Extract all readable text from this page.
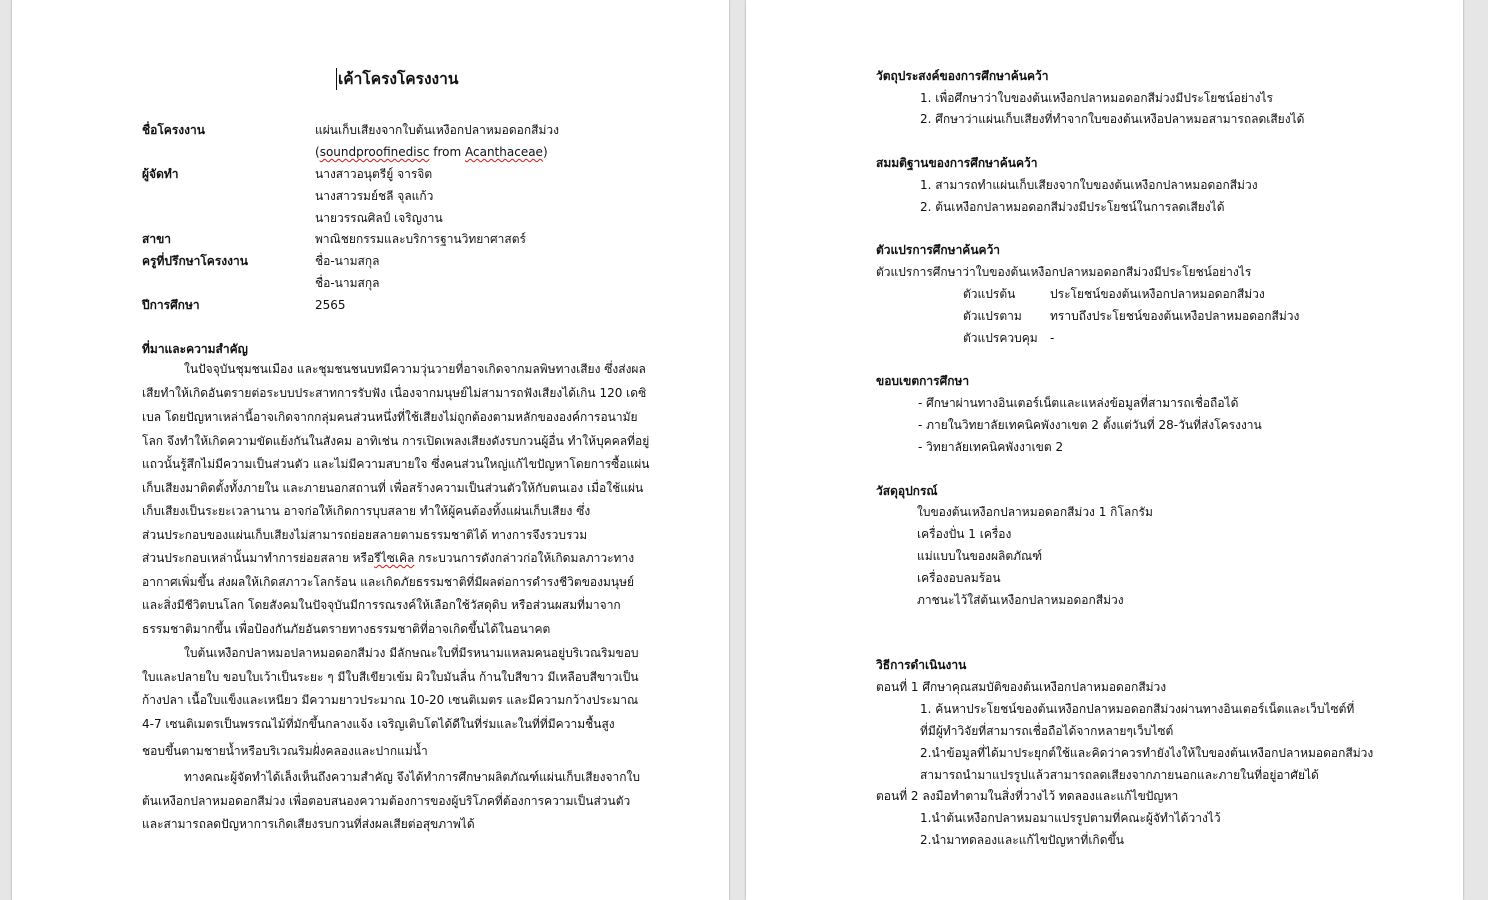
เค้าโครงโครงงาน
ชื่อโครงงาน	แผ่นเก็บเสียงจากใบต้นเหงือกปลาหมอดอกสีม่วง
(soundproofinedisc from Acanthaceae)
ผู้จัดทำ	นางสาวอนุตรีย์ู จารจิต
นางสาวรมย์ชลี จุลแก้ว
นายวรรณศิลป์ เจริญงาน
สาขา	พาณิชยกรรมและบริการฐานวิทยาศาสตร์
ครูที่ปรึกษาโครงงาน	ชื่อ-นามสกุล
ชื่อ-นามสกุล
ปีการศึกษา	2565
ที่มาและความสำคัญ
ในปัจจุบันชุมชนเมือง และชุมชนชนบทมีความวุ่นวายที่อาจเกิดจากมลพิษทางเสียง ซึ่งส่งผล
เสียทำให้เกิดอันตรายต่อระบบประสาทการรับฟัง เนื่องจากมนุษย์ไม่สามารถฟังเสียงได้เกิน 120 เดซิ
เบล โดยปัญหาเหล่านี้อาจเกิดจากกลุ่มคนส่วนหนึ่งที่ใช้เสียงไม่ถูกต้องตามหลักขององค์การอนามัย
โลก จึงทำให้เกิดความขัดแย้งกันในสังคม อาทิเช่น การเปิดเพลงเสียงดังรบกวนผู้อื่น ทำให้บุคคลที่อยู่
แถวนั้นรู้สึกไม่มีความเป็นส่วนตัว และไม่มีความสบายใจ ซึ่งคนส่วนใหญ่แก้ไขปัญหาโดยการซื้อแผ่น
เก็บเสียงมาติดตั้งทั้งภายใน และภายนอกสถานที่ เพื่อสร้างความเป็นส่วนตัวให้กับตนเอง เมื่อใช้แผ่น
เก็บเสียงเป็นระยะเวลานาน อาจก่อให้เกิดการบุบสลาย ทำให้ผู้คนต้องทิ้งแผ่นเก็บเสียง ซึ่ง
ส่วนประกอบของแผ่นเก็บเสียงไม่สามารถย่อยสลายตามธรรมชาติได้ ทางการจึงรวบรวม
ส่วนประกอบเหล่านั้นมาทำการย่อยสลาย หรือรีไซเคิล กระบวนการดังกล่าวก่อให้เกิดมลภาวะทาง
อากาศเพิ่มขึ้น ส่งผลให้เกิดสภาวะโลกร้อน และเกิดภัยธรรมชาติที่มีผลต่อการดำรงชีวิตของมนุษย์
และสิ่งมีชีวิตบนโลก โดยสังคมในปัจจุบันมีการรณรงค์ให้เลือกใช้วัสดุดิบ หรือส่วนผสมที่มาจาก
ธรรมชาติมากขึ้น เพื่อป้องกันภัยอันตรายทางธรรมชาติที่อาจเกิดขึ้นได้ในอนาคต
ใบต้นเหงือกปลาหมอปลาหมอดอกสีม่วง มีลักษณะใบที่มีรหนามแหลมคนอยู่บริเวณริมขอบ
ใบและปลายใบ ขอบใบเว้าเป็นระยะ ๆ มีใบสีเขียวเข้ม ผิวใบมันลื่น ก้านใบสีขาว มีเหลือบสีขาวเป็น
ก้างปลา เนื้อใบแข็งและเหนียว มีความยาวประมาณ 10-20 เซนติเมตร และมีความกว้างประมาณ
4-7 เซนติเมตรเป็นพรรณไม้ที่มักขึ้นกลางแจ้ง เจริญเติบโตได้ดีในที่ร่มและในที่ที่มีความชื้นสูง
ชอบขึ้นตามชายน้ำหรือบริเวณริมฝั่งคลองและปากแม่น้ำ
ทางคณะผู้จัดทำได้เล็งเห็นถึงความสำคัญ จึงได้ทำการศึกษาผลิตภัณฑ์แผ่นเก็บเสียงจากใบ
ต้นเหงือกปลาหมอดอกสีม่วง เพื่อตอบสนองความต้องการของผู้บริโภคที่ต้องการความเป็นส่วนตัว
และสามารถลดปัญหาการเกิดเสียงรบกวนที่ส่งผลเสียต่อสุขภาพได้
วัตถุประสงค์ของการศึกษาค้นคว้า
1. เพื่อศึกษาว่าใบของต้นเหงือกปลาหมอดอกสีม่วงมีประโยชน์อย่างไร
2. ศึกษาว่าแผ่นเก็บเสียงที่ทำจากใบของต้นเหงือปลาหมอสามารถลดเสียงได้
สมมติฐานของการศึกษาค้นคว้า
1. สามารถทำแผ่นเก็บเสียงจากใบของต้นเหงือกปลาหมอดอกสีม่วง
2. ต้นเหงือกปลาหมอดอกสีม่วงมีประโยชน์ในการลดเสียงได้
ตัวแปรการศึกษาค้นคว้า
ตัวแปรการศึกษาว่าใบของต้นเหงือกปลาหมอดอกสีม่วงมีประโยชน์อย่างไร
ตัวแปรต้น	ประโยชน์ของต้นเหงือกปลาหมอดอกสีม่วง
ตัวแปรตาม ทราบถึงประโยชน์ของต้นเหงือปลาหมอดอกสีม่วง
ตัวแปรควบคุม -
ขอบเขตการศึกษา
- ศึกษาผ่านทางอินเตอร์เน็ตและแหล่งข้อมูลที่สามารถเชื่อถือได้
- ภายในวิทยาลัยเทคนิคพังงาเขต 2 ตั้งแต่วันที่ 28-วันที่ส่งโครงงาน
- วิทยาลัยเทคนิคพังงาเขต 2
วัสดุอุปกรณ์
ใบของต้นเหงือกปลาหมอดอกสีม่วง 1 กิโลกรัม
เครื่องปั่น 1 เครื่อง
แม่แบบในของผลิตภัณฑ์
เครื่องอบลมร้อน
ภาชนะไว้ใส่ต้นเหงือกปลาหมอดอกสีม่วง
วิธีการดำเนินงาน
ตอนที่ 1 ศึกษาคุณสมบัติของต้นเหงือกปลาหมอดอกสีม่วง
1. ค้นหาประโยชน์ของต้นเหงือกปลาหมอดอกสีม่วงผ่านทางอินเตอร์เน็ตและเว็บไซต์ที่
ที่มีผู้ทำวิจัยที่สามารถเชื่อถือได้จากหลายๆเว็บไซต์
2.นำข้อมูลที่ได้มาประยุกต์ใช้และคิดว่าควรทำยังไงให้ใบของต้นเหงือกปลาหมอดอกสีม่วง
สามารถนำมาแปรรูปแล้วสามารถลดเสียงจากภายนอกและภายในที่อยู่อาศัยได้
ตอนที่ 2 ลงมือทำตามในสิ่งที่วางไว้ ทดลองและแก้ไขปัญหา
1.นำต้นเหงือกปลาหมอมาแปรรูปตามที่คณะผู้จัทำได้วางไว้
2.นำมาทดลองและแก้ไขปัญหาที่เกิดขึ้น
